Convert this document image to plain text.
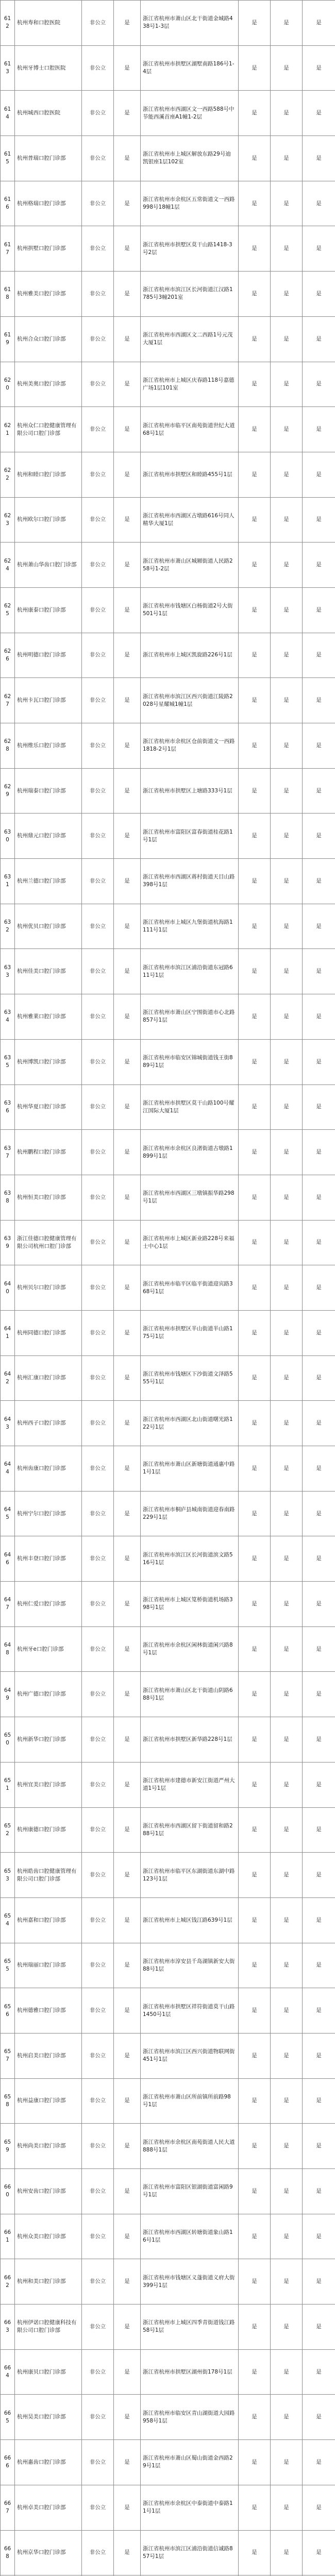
612	杭州寿和口腔医院	非公立	是	浙江省杭州市萧山区北干街道金城路438号1-3层	是	是	是
613	杭州牙博士口腔医院	非公立	是	浙江省杭州市拱墅区湖墅南路186号1-4层	是	是	是
614	杭州城西口腔医院	非公立	是	浙江省杭州市西湖区文一西路588号中节能西溪首座A1幢1-2层	是	是	是
615	杭州普瑞口腔门诊部	非公立	是	浙江省杭州市上城区解放东路29号迪凯银座1层102室	是	是	是
616	杭州格瑞口腔门诊部	非公立	是	浙江省杭州市余杭区五常街道文一西路998号18幢1层	是	是	是
617	杭州拱墅口腔门诊部	非公立	是	浙江省杭州市拱墅区莫干山路1418-3号2层	是	是	是
618	杭州雅美口腔门诊部	非公立	是	浙江省杭州市滨江区长河街道江汉路1785号3幢201室	是	是	是
619	杭州合众口腔门诊部	非公立	是	浙江省杭州市西湖区文二西路1号元茂大厦1层	是	是	是
620	杭州美奥口腔门诊部	非公立	是	浙江省杭州市上城区庆春路118号嘉德广场1层101室	是	是	是
621	杭州众仁口腔健康管理有限公司口腔门诊部	非公立	是	浙江省杭州市临平区南苑街道世纪大道68号1层	是	是	是
622	杭州和睦口腔门诊部	非公立	是	浙江省杭州市拱墅区和睦路455号1层	是	是	是
623	杭州欧尔口腔门诊部	非公立	是	浙江省杭州市西湖区古墩路616号同人精华大厦1层	是	是	是
624	杭州萧山华齿口腔门诊部	非公立	是	浙江省杭州市萧山区城厢街道人民路258号1-2层	是	是	是
625	杭州康泰口腔门诊部	非公立	是	浙江省杭州市钱塘区白杨街道2号大街501号1层	是	是	是
626	杭州明德口腔门诊部	非公立	是	浙江省杭州市上城区凯旋路226号1层	是	是	是
627	杭州卡瓦口腔门诊部	非公立	是	浙江省杭州市滨江区西兴街道江陵路2028号星耀城1幢1层	是	是	是
628	杭州维乐口腔门诊部	非公立	是	浙江省杭州市余杭区仓前街道文一西路1818-2号1层	是	是	是
629	杭州瑞泰口腔门诊部	非公立	是	浙江省杭州市拱墅区上塘路333号1层	是	是	是
630	杭州鼎元口腔门诊部	非公立	是	浙江省杭州市富阳区富春街道桂花路1号1层	是	是	是
631	杭州兰德口腔门诊部	非公立	是	浙江省杭州市西湖区蒋村街道天目山路398号1层	是	是	是
632	杭州优贝口腔门诊部	非公立	是	浙江省杭州市上城区九堡街道杭海路1111号1层	是	是	是
633	杭州佳美口腔门诊部	非公立	是	浙江省杭州市滨江区浦沿街道东冠路611号1层	是	是	是
634	杭州雅莱口腔门诊部	非公立	是	浙江省杭州市萧山区宁围街道市心北路857号1层	是	是	是
635	杭州博凯口腔门诊部	非公立	是	浙江省杭州市临安区锦城街道钱王街889号1层	是	是	是
636	杭州华夏口腔门诊部	非公立	是	浙江省杭州市拱墅区莫干山路100号耀江国际大厦1层	是	是	是
637	杭州鹏程口腔门诊部	非公立	是	浙江省杭州市余杭区良渚街道古墩路1899号1层	是	是	是
638	杭州恒美口腔门诊部	非公立	是	浙江省杭州市西湖区三墩镇振华路298号1层	是	是	是
639	浙江佳德口腔健康管理有限公司杭州口腔门诊部	非公立	是	浙江省杭州市上城区新业路228号来福士中心1层	是	是	是
640	杭州贝尔口腔门诊部	非公立	是	浙江省杭州市临平区临平街道迎宾路368号1层	是	是	是
641	杭州同德口腔门诊部	非公立	是	浙江省杭州市拱墅区半山街道半山路175号1层	是	是	是
642	杭州汇康口腔门诊部	非公立	是	浙江省杭州市钱塘区下沙街道文泽路555号1层	是	是	是
643	杭州西子口腔门诊部	非公立	是	浙江省杭州市西湖区北山街道曙光路122号1层	是	是	是
644	杭州齿康口腔门诊部	非公立	是	浙江省杭州市萧山区新塘街道通惠中路1号1层	是	是	是
645	杭州宁尔口腔门诊部	非公立	是	浙江省杭州市桐庐县城南街道迎春南路229号1层	是	是	是
646	杭州丰登口腔门诊部	非公立	是	浙江省杭州市滨江区长河街道滨文路516号1层	是	是	是
647	杭州仁爱口腔门诊部	非公立	是	浙江省杭州市上城区笕桥街道机场路398号1层	是	是	是
648	杭州牙e口腔门诊部	非公立	是	浙江省杭州市余杭区闲林街道闲兴路8号1层	是	是	是
649	杭州广德口腔门诊部	非公立	是	浙江省杭州市萧山区北干街道山阴路688号1层	是	是	是
650	杭州新华口腔门诊部	非公立	是	浙江省杭州市拱墅区新华路228号1层	是	是	是
651	杭州宜美口腔门诊部	非公立	是	浙江省杭州市建德市新安江街道严州大道1号1层	是	是	是
652	杭州康德口腔门诊部	非公立	是	浙江省杭州市西湖区留下街道留和路288号1层	是	是	是
653	杭州皓齿口腔健康管理有限公司口腔门诊部	非公立	是	浙江省杭州市临平区东湖街道东湖中路123号1层	是	是	是
654	杭州嘉和口腔门诊部	非公立	是	浙江省杭州市上城区钱江路639号1层	是	是	是
655	杭州瑞丽口腔门诊部	非公立	是	浙江省杭州市淳安县千岛湖镇新安大街88号1层	是	是	是
656	杭州德雅口腔门诊部	非公立	是	浙江省杭州市拱墅区祥符街道莫干山路1450号1层	是	是	是
657	杭州启美口腔门诊部	非公立	是	浙江省杭州市滨江区西兴街道物联网街451号1层	是	是	是
658	杭州益康口腔门诊部	非公立	是	浙江省杭州市萧山区所前镇所前路98号1层	是	是	是
659	杭州尚美口腔门诊部	非公立	是	浙江省杭州市余杭区南苑街道人民大道888号1层	是	是	是
660	杭州安齿口腔门诊部	非公立	是	浙江省杭州市富阳区银湖街道富闲路9号1层	是	是	是
661	杭州众美口腔门诊部	非公立	是	浙江省杭州市西湖区转塘街道象山路16号1层	是	是	是
662	杭州和美口腔门诊部	非公立	是	浙江省杭州市钱塘区义蓬街道义府大街399号1层	是	是	是
663	杭州伊诺口腔健康科技有限公司口腔门诊部	非公立	是	浙江省杭州市上城区四季青街道钱江路58号1层	是	是	是
664	杭州康贝口腔门诊部	非公立	是	浙江省杭州市拱墅区湖州街178号1层	是	是	是
665	杭州昊美口腔门诊部	非公立	是	浙江省杭州市临安区青山湖街道大园路958号1层	是	是	是
666	杭州惠齿口腔门诊部	非公立	是	浙江省杭州市萧山区蜀山街道金西路29号1层	是	是	是
667	杭州卓美口腔门诊部	非公立	是	浙江省杭州市余杭区中泰街道中泰路11号1层	是	是	是
668	杭州京华口腔门诊部	非公立	是	浙江省杭州市滨江区浦沿街道信诚路857号1层	是	是	是
